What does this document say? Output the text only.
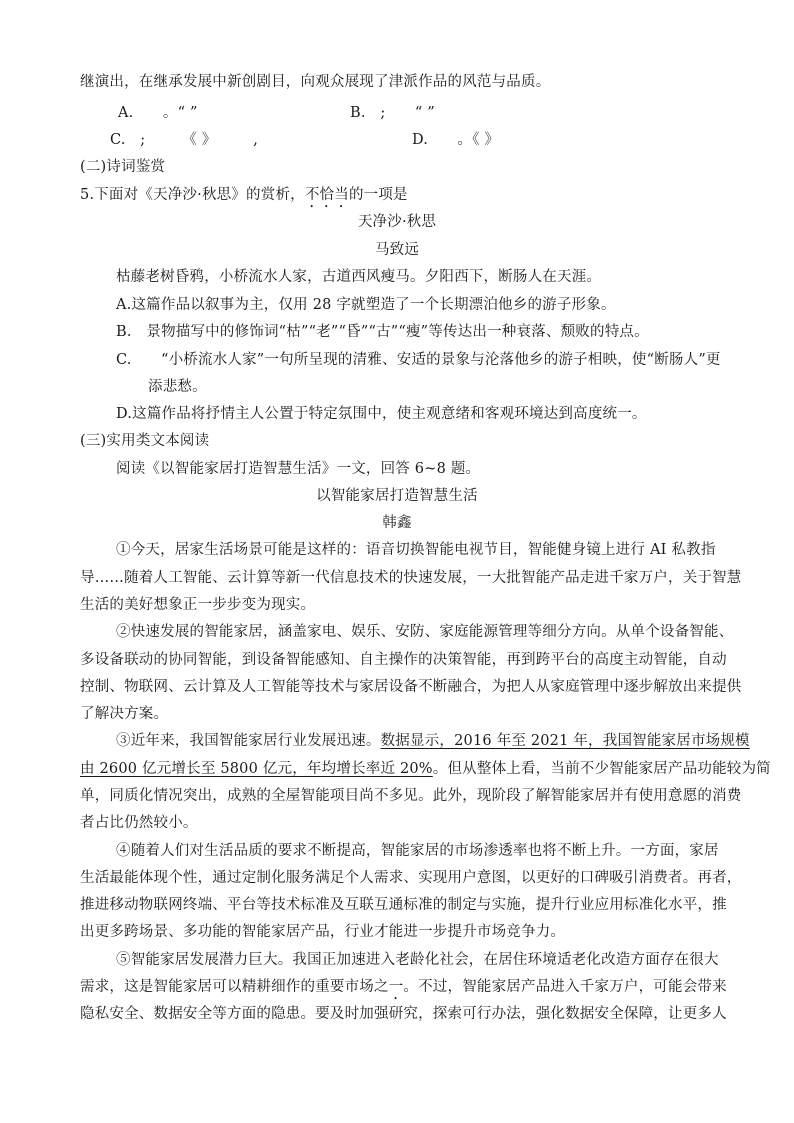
继演出，在继承发展中新创剧目，向观众展现了津派作品的风范与品质。
A.　　。“ ”	B.　;　　“ ”
C.　;　　　《 》　　　,	D.　　。《 》
(二)诗词鉴赏
5.下面对《天净沙·秋思》的赏析，不恰当的一项是
天净沙·秋思
马致远
枯藤老树昏鸦，小桥流水人家，古道西风瘦马。夕阳西下，断肠人在天涯。
A.这篇作品以叙事为主，仅用 28 字就塑造了一个长期漂泊他乡的游子形象。
B.　景物描写中的修饰词“枯”“老”“昏”“古”“瘦”等传达出一种衰落、颓败的特点。
C.　　“小桥流水人家”一句所呈现的清雅、安适的景象与沦落他乡的游子相映，使“断肠人”更
添悲愁。
D.这篇作品将抒情主人公置于特定氛围中，使主观意绪和客观环境达到高度统一。
(三)实用类文本阅读
阅读《以智能家居打造智慧生活》一文，回答 6~8 题。
以智能家居打造智慧生活
韩鑫
①今天，居家生活场景可能是这样的：语音切换智能电视节目，智能健身镜上进行 AI 私教指
导……随着人工智能、云计算等新一代信息技术的快速发展，一大批智能产品走进千家万户，关于智慧
生活的美好想象正一步步变为现实。
②快速发展的智能家居，涵盖家电、娱乐、安防、家庭能源管理等细分方向。从单个设备智能、
多设备联动的协同智能，到设备智能感知、自主操作的决策智能，再到跨平台的高度主动智能，自动
控制、物联网、云计算及人工智能等技术与家居设备不断融合，为把人从家庭管理中逐步解放出来提供
了解决方案。
③近年来，我国智能家居行业发展迅速。数据显示，2016 年至 2021 年，我国智能家居市场规模
由 2600 亿元增长至 5800 亿元，年均增长率近 20%。但从整体上看，当前不少智能家居产品功能较为简
单，同质化情况突出，成熟的全屋智能项目尚不多见。此外，现阶段了解智能家居并有使用意愿的消费
者占比仍然较小。
④随着人们对生活品质的要求不断提高，智能家居的市场渗透率也将不断上升。一方面，家居
生活最能体现个性，通过定制化服务满足个人需求、实现用户意图，以更好的口碑吸引消费者。再者，
推进移动物联网终端、平台等技术标准及互联互通标准的制定与实施，提升行业应用标准化水平，推
出更多跨场景、多功能的智能家居产品，行业才能进一步提升市场竞争力。
⑤智能家居发展潜力巨大。我国正加速进入老龄化社会，在居住环境适老化改造方面存在很大
需求，这是智能家居可以精耕细作的重要市场之一。不过，智能家居产品进入千家万户，可能会带来
隐私安全、数据安全等方面的隐患。要及时加强研究，探索可行办法，强化数据安全保障，让更多人
